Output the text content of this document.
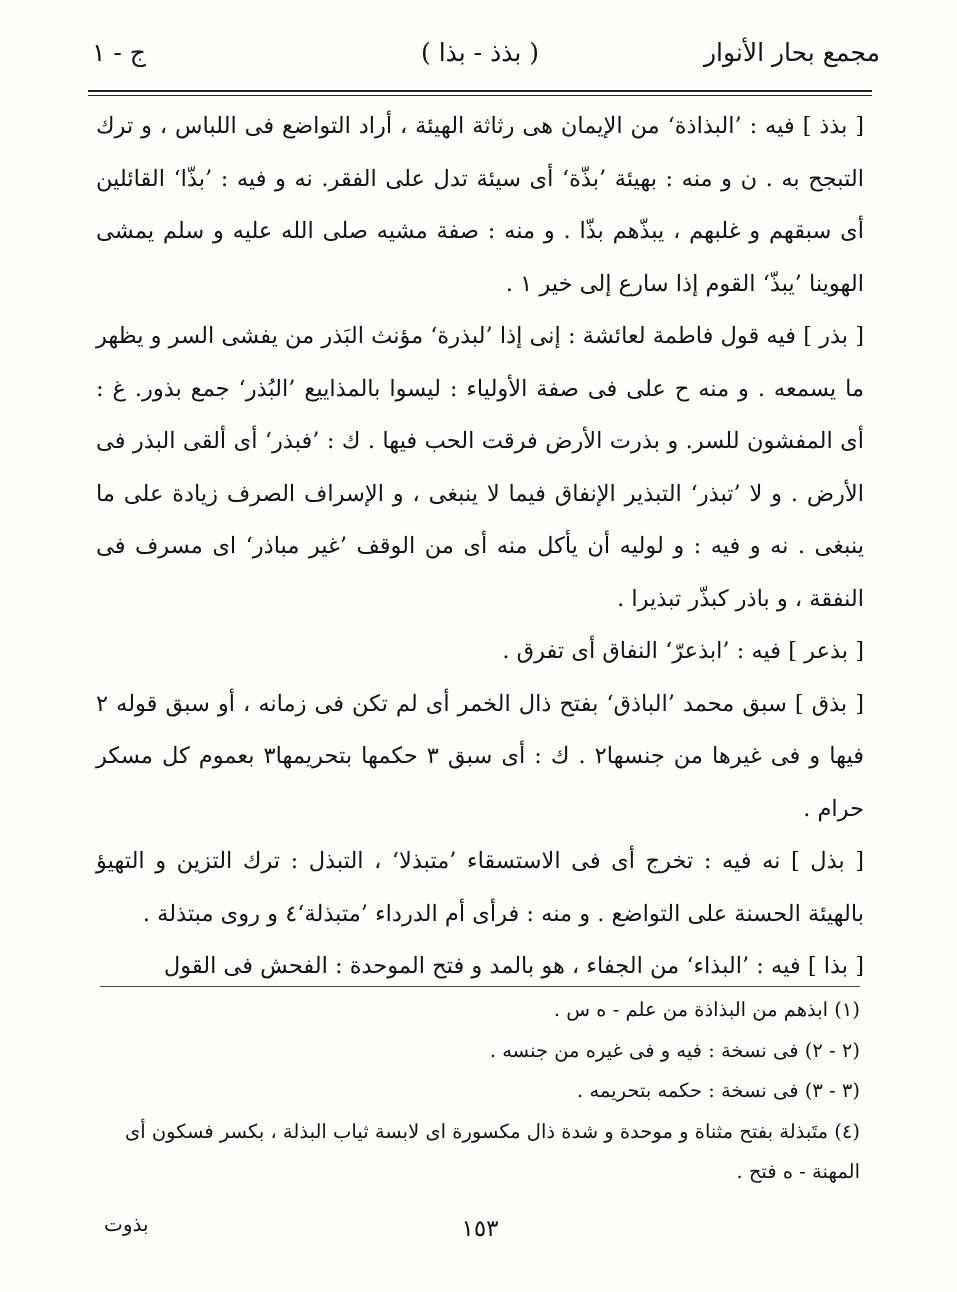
مجمع بحار الأنوار
( بذذ - بذا )
ج - ١

[ بذذ ] فيه : ’البذاذة‘ من الإيمان هى رثاثة الهيئة ، أراد التواضع فى اللباس ، و ترك التبجح به . ن و منه : بهيئة ’بذّة‘ أى سيئة تدل على الفقر. نه و فيه : ’بذّا‘ القائلين أى سبقهم و غلبهم ، يبذّهم بذّا . و منه : صفة مشيه صلى الله عليه و سلم يمشى الهوينا ’يبذّ‘ القوم إذا سارع إلى خير ١ .

[ بذر ] فيه قول فاطمة لعائشة : إنى إذا ’لبذرة‘ مؤنث البَذر من يفشى السر و يظهر ما يسمعه . و منه ح على فى صفة الأولياء : ليسوا بالمذاييع ’البُذر‘ جمع بذور. غ : أى المفشون للسر. و بذرت الأرض فرقت الحب فيها . ك : ’فبذر‘ أى ألقى البذر فى الأرض . و لا ’تبذر‘ التبذير الإنفاق فيما لا ينبغى ، و الإسراف الصرف زيادة على ما ينبغى . نه و فيه : و لوليه أن يأكل منه أى من الوقف ’غير مباذر‘ اى مسرف فى النفقة ، و باذر كبذّر تبذيرا .

[ بذعر ] فيه : ’ابذعرّ‘ النفاق أى تفرق .

[ بذق ] سبق محمد ’الباذق‘ بفتح ذال الخمر أى لم تكن فى زمانه ، أو سبق قوله ٢ فيها و فى غيرها من جنسها٢ . ك : أى سبق ٣ حكمها بتحريمها٣ بعموم كل مسكر حرام .

[ بذل ] نه فيه : تخرج أى فى الاستسقاء ’متبذلا‘ ، التبذل : ترك التزين و التهيؤ بالهيئة الحسنة على التواضع . و منه : فرأى أم الدرداء ’متبذلة‘٤ و روى مبتذلة .

[ بذا ] فيه : ’البذاء‘ من الجفاء ، هو بالمد و فتح الموحدة : الفحش فى القول

(١) ابذهم من البذاذة من علم - ه س .

(٢ - ٢) فى نسخة : فيه و فى غيره من جنسه .

(٣ - ٣) فى نسخة : حكمه بتحريمه .

(٤) متَبذلة بفتح مثناة و موحدة و شدة ذال مكسورة اى لابسة ثياب البذلة ، بكسر فسكون أى المهنة - ه فتح .

١٥٣
بذوت
